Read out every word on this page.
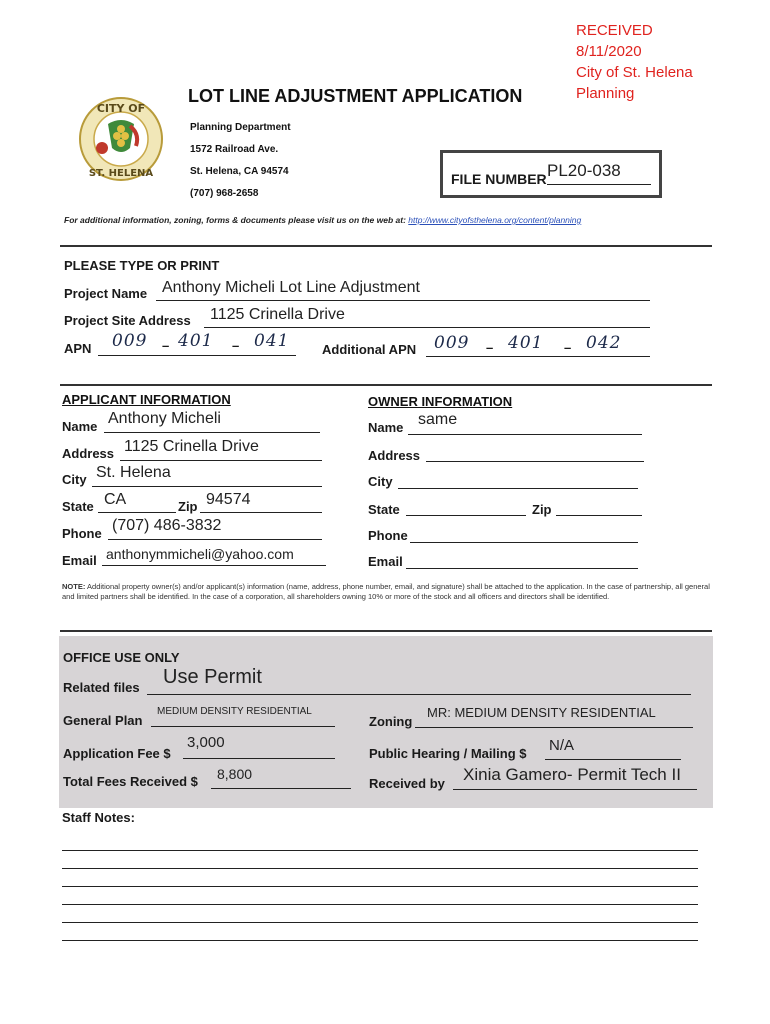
RECEIVED
8/11/2020
City of St. Helena
Planning
CITY OF
ST. HELENA
LOT LINE ADJUSTMENT APPLICATION
Planning Department
1572 Railroad Ave.
St. Helena, CA 94574
(707) 968-2658
FILE NUMBER PL20-038
For additional information, zoning, forms & documents please visit us on the web at: http://www.cityofsthelena.org/content/planning
PLEASE TYPE OR PRINT
Project Name Anthony Micheli Lot Line Adjustment
Project Site Address 1125 Crinella Drive
APN 009 – 401 – 041	Additional APN 009 – 401 – 042
APPLICANT INFORMATION
Name Anthony Micheli
Address 1125 Crinella Drive
City St. Helena
State CA	Zip 94574
Phone (707) 486-3832
Email anthonymmicheli@yahoo.com
OWNER INFORMATION
Name same
Address
City
State	Zip
Phone
Email
NOTE: Additional property owner(s) and/or applicant(s) information (name, address, phone number, email, and signature) shall be attached to the application. In the case of partnership, all general and limited partners shall be identified. In the case of a corporation, all shareholders owning 10% or more of the stock and all officers and directors shall be identified.
OFFICE USE ONLY
Related files Use Permit
General Plan
MEDIUM DENSITY RESIDENTIAL
Zoning
MR: MEDIUM DENSITY RESIDENTIAL
Application Fee $
3,000
Public Hearing / Mailing $ N/A
Total Fees Received $ 8,800
Received by Xinia Gamero- Permit Tech II
Staff Notes:
